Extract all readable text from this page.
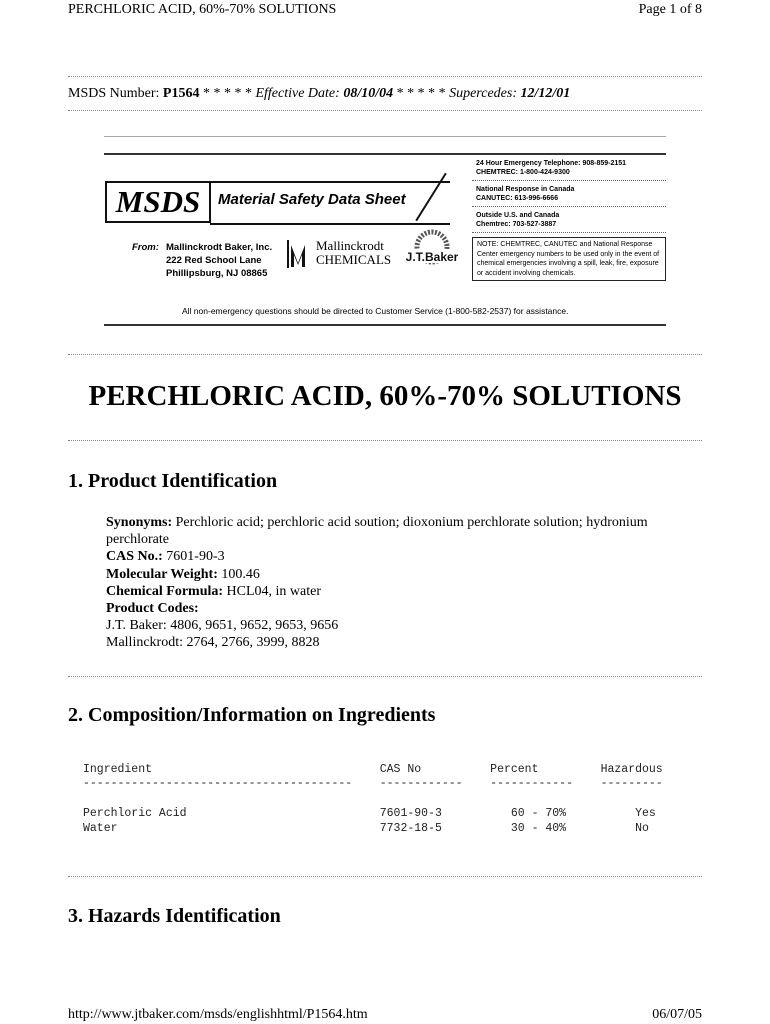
PERCHLORIC ACID, 60%-70% SOLUTIONS	Page 1 of 8
MSDS Number: P1564 * * * * * Effective Date: 08/10/04 * * * * * Supercedes: 12/12/01
MSDS	Material Safety Data Sheet
From: Mallinckrodt Baker, Inc.
222 Red School Lane
Phillipsburg, NJ 08865
Mallinckrodt
CHEMICALS J.T.Baker
24 Hour Emergency Telephone: 908-859-2151
CHEMTREC: 1-800-424-9300
National Response in Canada
CANUTEC: 613-996-6666
Outside U.S. and Canada
Chemtrec: 703-527-3887
NOTE: CHEMTREC, CANUTEC and National Response Center emergency numbers to be used only in the event of chemical emergencies involving a spill, leak, fire, exposure or accident involving chemicals.
All non-emergency questions should be directed to Customer Service (1-800-582-2537) for assistance.
PERCHLORIC ACID, 60%-70% SOLUTIONS
1. Product Identification
Synonyms: Perchloric acid; perchloric acid soution; dioxonium perchlorate solution; hydronium perchlorate
CAS No.: 7601-90-3
Molecular Weight: 100.46
Chemical Formula: HCL04, in water
Product Codes:
J.T. Baker: 4806, 9651, 9652, 9653, 9656
Mallinckrodt: 2764, 2766, 3999, 8828
2. Composition/Information on Ingredients
Ingredient                                 CAS No          Percent         Hazardous
---------------------------------------    ------------    ------------    ---------
Perchloric Acid                            7601-90-3          60 - 70%          Yes
Water                                      7732-18-5          30 - 40%          No
3. Hazards Identification
http://www.jtbaker.com/msds/englishhtml/P1564.htm	06/07/05
